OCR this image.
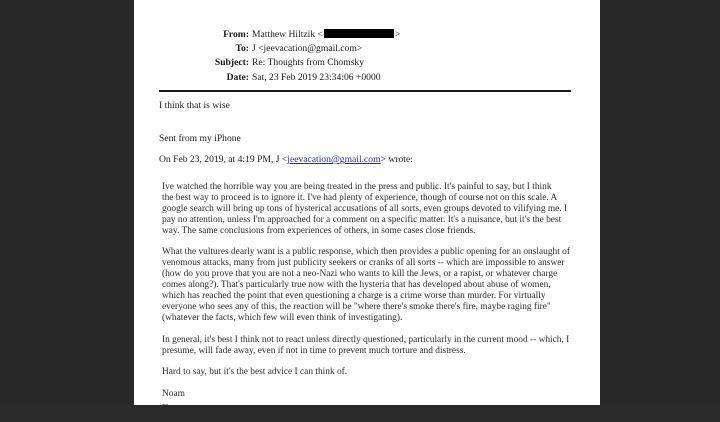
From: Matthew Hiltzik <	>
To: J <jeevacation@gmail.com>
Subject: Re: Thoughts from Chomsky
Date: Sat, 23 Feb 2019 23:34:06 +0000
I think that is wise
Sent from my iPhone
On Feb 23, 2019, at 4:19 PM, J <jeevacation@gmail.com> wrote:
Ive watched the horrible way you are being treated in the press and public. It's painful to say, but I think
the best way to proceed is to ignore it. I've had plenty of experience, though of course not on this scale. A
google search will bring up tons of hysterical accusations of all sorts, even groups devoted to vilifying me. I
pay no attention, unless I'm approached for a comment on a specific matter. It's a nuisance, but it's the best
way. The same conclusions from experiences of others, in some cases close friends.
What the vultures dearly want is a public response, which then provides a public opening for an onslaught of
venomous attacks, many from just publicity seekers or cranks of all sorts -- which are impossible to answer
(how do you prove that you are not a neo-Nazi who wants to kill the Jews, or a rapist, or whatever charge
comes along?). That's particularly true now with the hysteria that has developed about abuse of women,
which has reached the point that even questioning a charge is a crime worse than murder. For virtually
everyone who sees any of this, the reaction will be "where there's smoke there's fire, maybe raging fire"
(whatever the facts, which few will even think of investigating).
In general, it's best I think not to react unless directly questioned, particularly in the current mood -- which, I
presume, will fade away, even if not in time to prevent much torture and distress.
Hard to say, but it's the best advice I can think of.
Noam
--
please note
